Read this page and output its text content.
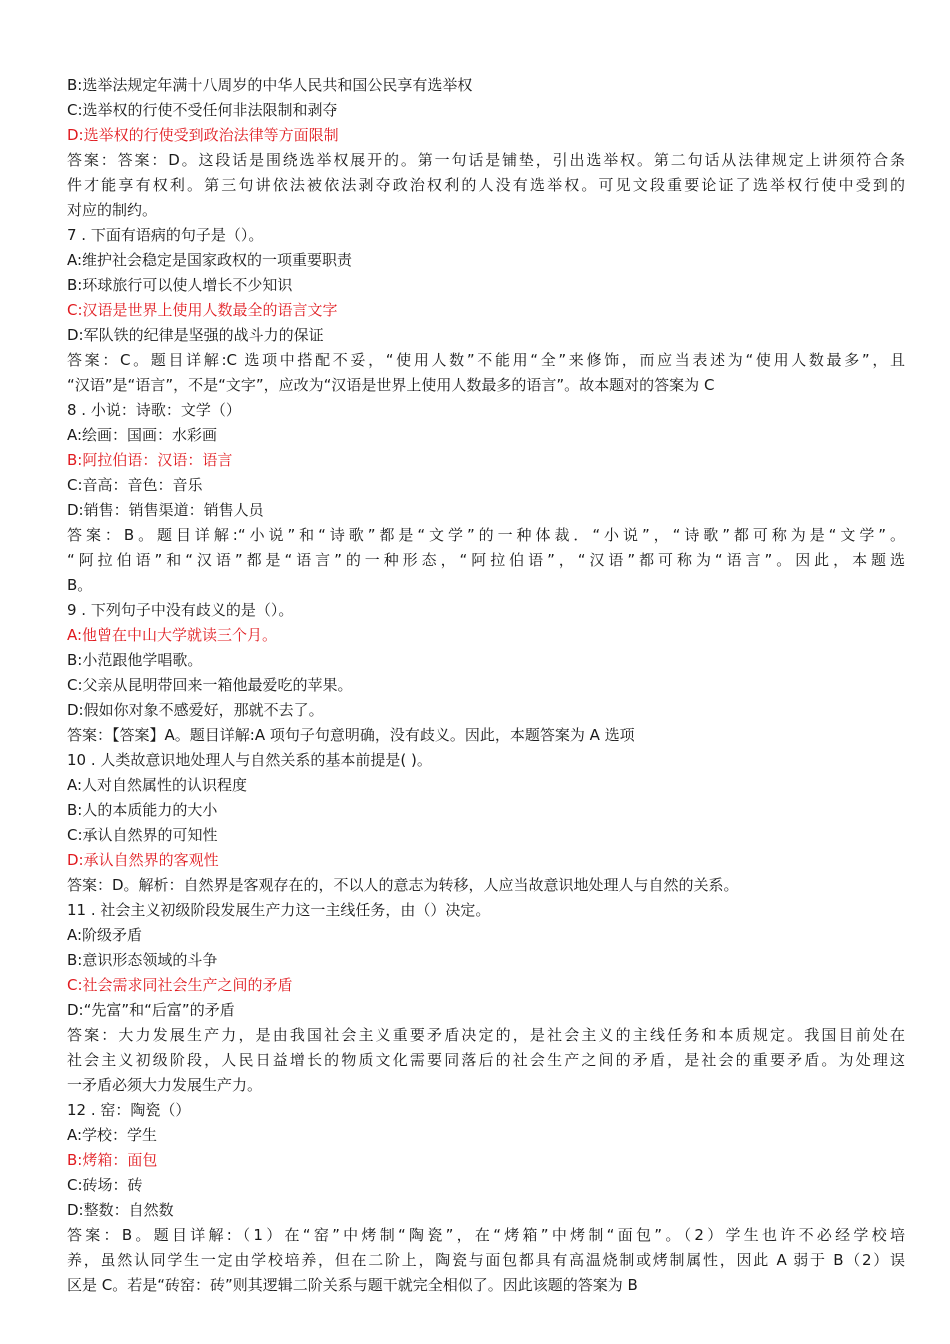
B:选举法规定年满十八周岁的中华人民共和国公民享有选举权
C:选举权的行使不受任何非法限制和剥夺
D:选举权的行使受到政治法律等方面限制
答案：答案：D。这段话是围绕选举权展开的。第一句话是铺垫，引出选举权。第二句话从法律规定上讲须符合条
件才能享有权利。第三句讲依法被依法剥夺政治权利的人没有选举权。可见文段重要论证了选举权行使中受到的
对应的制约。
7 . 下面有语病的句子是（）。
A:维护社会稳定是国家政权的一项重要职责
B:环球旅行可以使人增长不少知识
C:汉语是世界上使用人数最全的语言文字
D:军队铁的纪律是坚强的战斗力的保证
答案：C。题目详解:C 选项中搭配不妥，“使用人数”不能用“全”来修饰，而应当表述为“使用人数最多”，且
“汉语”是“语言”，不是“文字”，应改为“汉语是世界上使用人数最多的语言”。故本题对的答案为 C
8 . 小说：诗歌：文学（）
A:绘画：国画：水彩画
B:阿拉伯语：汉语：语言
C:音高：音色：音乐
D:销售：销售渠道：销售人员
答案：B。题目详解:“小说”和“诗歌”都是“文学”的一种体裁．“小说”，“诗歌”都可称为是“文学”。
“阿拉伯语”和“汉语”都是“语言”的一种形态，“阿拉伯语”，“汉语”都可称为“语言”。因此，本题选
B。
9 . 下列句子中没有歧义的是（）。
A:他曾在中山大学就读三个月。
B:小范跟他学唱歌。
C:父亲从昆明带回来一箱他最爱吃的苹果。
D:假如你对象不感爱好，那就不去了。
答案：【答案】A。题目详解:A 项句子句意明确，没有歧义。因此，本题答案为 A 选项
10 . 人类故意识地处理人与自然关系的基本前提是( )。
A:人对自然属性的认识程度
B:人的本质能力的大小
C:承认自然界的可知性
D:承认自然界的客观性
答案：D。解析：自然界是客观存在的，不以人的意志为转移，人应当故意识地处理人与自然的关系。
11 . 社会主义初级阶段发展生产力这一主线任务，由（）决定。
A:阶级矛盾
B:意识形态领域的斗争
C:社会需求同社会生产之间的矛盾
D:“先富”和“后富”的矛盾
答案：大力发展生产力，是由我国社会主义重要矛盾决定的，是社会主义的主线任务和本质规定。我国目前处在
社会主义初级阶段，人民日益增长的物质文化需要同落后的社会生产之间的矛盾，是社会的重要矛盾。为处理这
一矛盾必须大力发展生产力。
12 . 窑：陶瓷（）
A:学校：学生
B:烤箱：面包
C:砖场：砖
D:整数：自然数
答案：B。题目详解:（1）在“窑”中烤制“陶瓷”，在“烤箱”中烤制“面包”。（2）学生也许不必经学校培
养，虽然认同学生一定由学校培养，但在二阶上，陶瓷与面包都具有高温烧制或烤制属性，因此 A 弱于 B（2）误
区是 C。若是“砖窑：砖”则其逻辑二阶关系与题干就完全相似了。因此该题的答案为 B
